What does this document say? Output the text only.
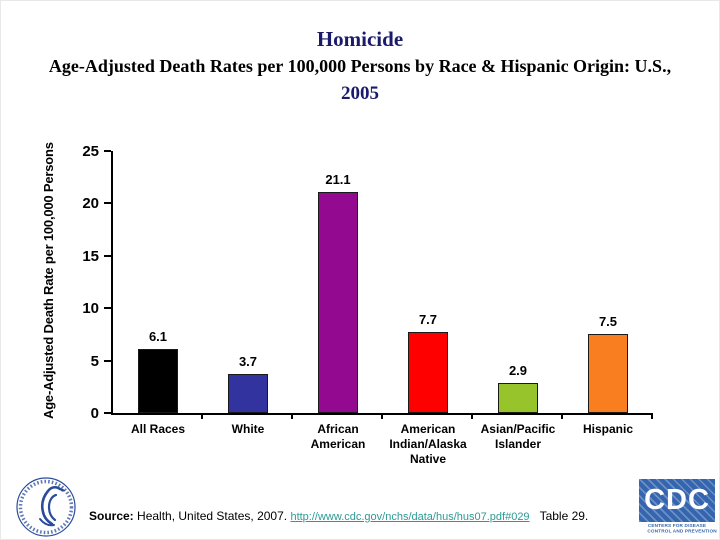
Homicide
Age-Adjusted Death Rates per 100,000 Persons by Race & Hispanic Origin: U.S.,
2005
Age-Adjusted Death Rate per 100,000 Persons	0
5
10
15
20
25
6.1
All Races
3.7
White
21.1
African
American
7.7
American
Indian/Alaska
Native
2.9
Asian/Pacific
Islander
7.5
Hispanic
Source: Health, United States, 2007. http://www.cdc.gov/nchs/data/hus/hus07.pdf#029 Table 29.	CDC
CENTERS FOR DISEASE
CONTROL AND PREVENTION
